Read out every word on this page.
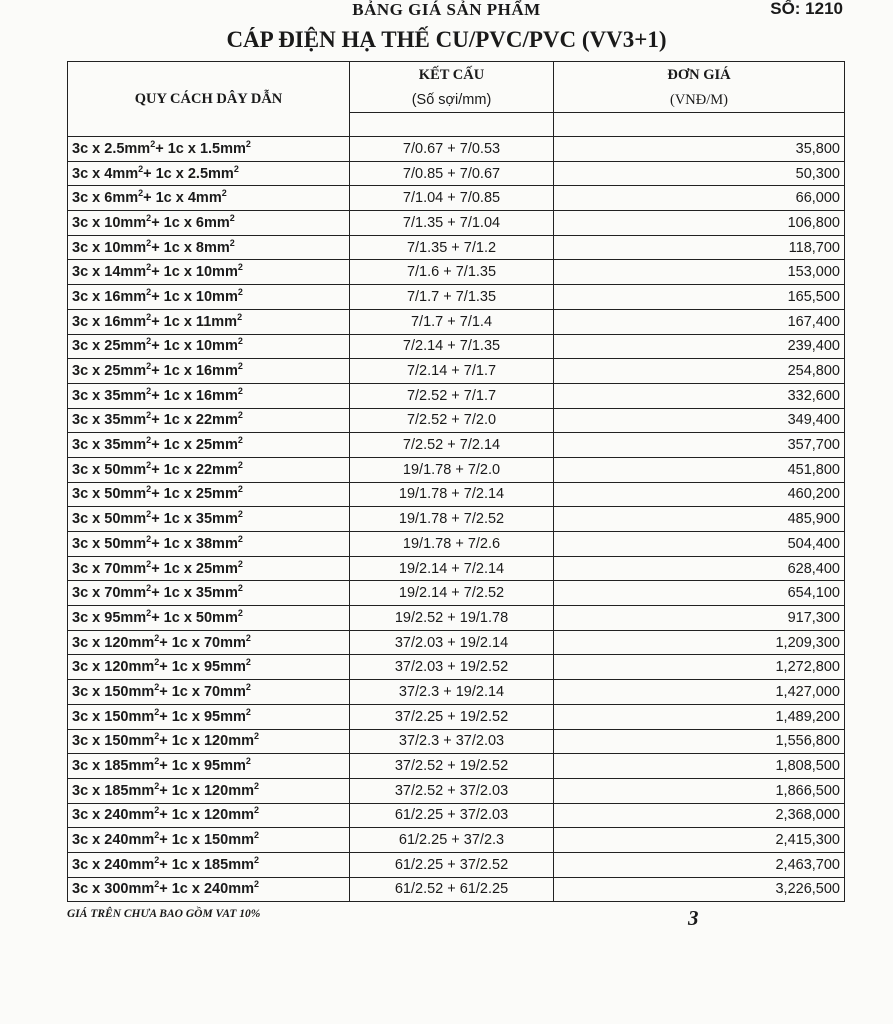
BẢNG GIÁ SẢN PHẨM	SỐ: 1210
CÁP ĐIỆN HẠ THẾ CU/PVC/PVC (VV3+1)
QUY CÁCH DÂY DẪN	KẾT CẤU	ĐƠN GIÁ
	(Số sợi/mm)	(VNĐ/M)

3c x $2.5mm^2+ 1c$ x $1.5mm^2$	7/0.67 + 7/0.53	35,800
3c x $4mm^2+ 1c$ x $2.5mm^2$	7/0.85 + 7/0.67	50,300
3c x $6mm^2+ 1c$ x $4mm^2$	7/1.04 + 7/0.85	66,000
3c x $10mm^2+ 1c$ x $6mm^2$	7/1.35 + 7/1.04	106,800
3c x $10mm^2+ 1c$ x $8mm^2$	7/1.35 + 7/1.2	118,700
3c x $14mm^2+ 1c$ x $10mm^2$	7/1.6 + 7/1.35	153,000
3c x $16mm^2+ 1c$ x $10mm^2$	7/1.7 + 7/1.35	165,500
3c x $16mm^2+ 1c$ x $11mm^2$	7/1.7 + 7/1.4	167,400
3c x $25mm^2+ 1c$ x $10mm^2$	7/2.14 + 7/1.35	239,400
3c x $25mm^2+ 1c$ x $16mm^2$	7/2.14 + 7/1.7	254,800
3c x $35mm^2+ 1c$ x $16mm^2$	7/2.52 + 7/1.7	332,600
3c x $35mm^2+ 1c$ x $22mm^2$	7/2.52 + 7/2.0	349,400
3c x $35mm^2+ 1c$ x $25mm^2$	7/2.52 + 7/2.14	357,700
3c x $50mm^2+ 1c$ x $22mm^2$	19/1.78 + 7/2.0	451,800
3c x $50mm^2+ 1c$ x $25mm^2$	19/1.78 + 7/2.14	460,200
3c x $50mm^2+ 1c$ x $35mm^2$	19/1.78 + 7/2.52	485,900
3c x $50mm^2+ 1c$ x $38mm^2$	19/1.78 + 7/2.6	504,400
3c x $70mm^2+ 1c$ x $25mm^2$	19/2.14 + 7/2.14	628,400
3c x $70mm^2+ 1c$ x $35mm^2$	19/2.14 + 7/2.52	654,100
3c x $95mm^2+ 1c$ x $50mm^2$	19/2.52 + 19/1.78	917,300
3c x $120mm^2+ 1c$ x $70mm^2$	37/2.03 + 19/2.14	1,209,300
3c x $120mm^2+ 1c$ x $95mm^2$	37/2.03 + 19/2.52	1,272,800
3c x $150mm^2+ 1c$ x $70mm^2$	37/2.3 + 19/2.14	1,427,000
3c x $150mm^2+ 1c$ x $95mm^2$	37/2.25 + 19/2.52	1,489,200
3c x $150mm^2+ 1c$ x $120mm^2$	37/2.3 + 37/2.03	1,556,800
3c x $185mm^2+ 1c$ x $95mm^2$	37/2.52 + 19/2.52	1,808,500
3c x $185mm^2+ 1c$ x $120mm^2$	37/2.52 + 37/2.03	1,866,500
3c x $240mm^2+ 1c$ x $120mm^2$	61/2.25 + 37/2.03	2,368,000
3c x $240mm^2+ 1c$ x $150mm^2$	61/2.25 + 37/2.3	2,415,300
3c x $240mm^2+ 1c$ x $185mm^2$	61/2.25 + 37/2.52	2,463,700
3c x $300mm^2+ 1c$ x $240mm^2$	61/2.52 + 61/2.25	3,226,500
GIÁ TRÊN CHƯA BAO GỒM VAT 10%	3
